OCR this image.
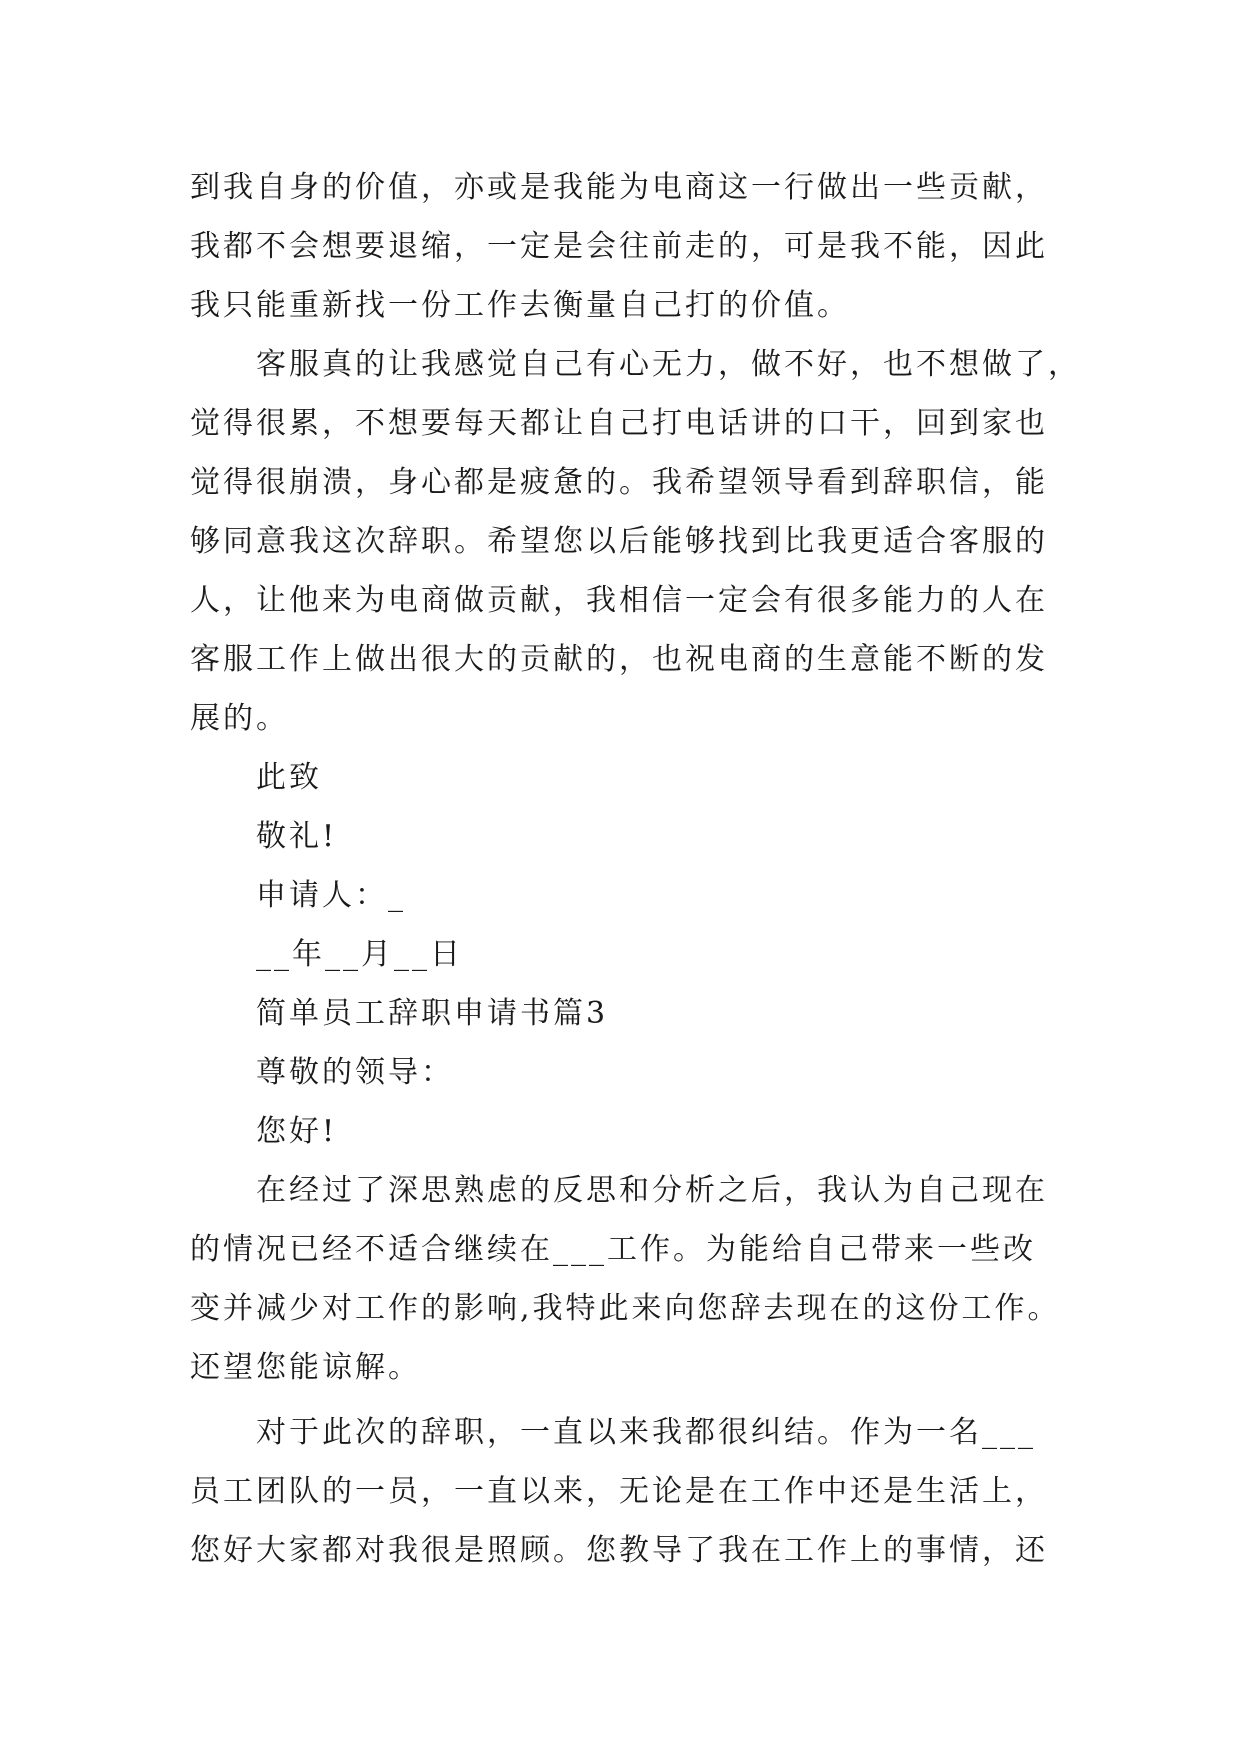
到我自身的价值，亦或是我能为电商这一行做出一些贡献，
我都不会想要退缩，一定是会往前走的，可是我不能，因此
我只能重新找一份工作去衡量自己打的价值。
客服真的让我感觉自己有心无力，做不好，也不想做了，
觉得很累，不想要每天都让自己打电话讲的口干，回到家也
觉得很崩溃，身心都是疲惫的。我希望领导看到辞职信，能
够同意我这次辞职。希望您以后能够找到比我更适合客服的
人，让他来为电商做贡献，我相信一定会有很多能力的人在
客服工作上做出很大的贡献的，也祝电商的生意能不断的发
展的。
此致
敬礼!
申请人：_
__年__月__日
简单员工辞职申请书篇3
尊敬的领导：
您好!
在经过了深思熟虑的反思和分析之后，我认为自己现在
的情况已经不适合继续在___工作。为能给自己带来一些改
变并减少对工作的影响,我特此来向您辞去现在的这份工作。
还望您能谅解。
对于此次的辞职，一直以来我都很纠结。作为一名___
员工团队的一员，一直以来，无论是在工作中还是生活上，
您好大家都对我很是照顾。您教导了我在工作上的事情，还
